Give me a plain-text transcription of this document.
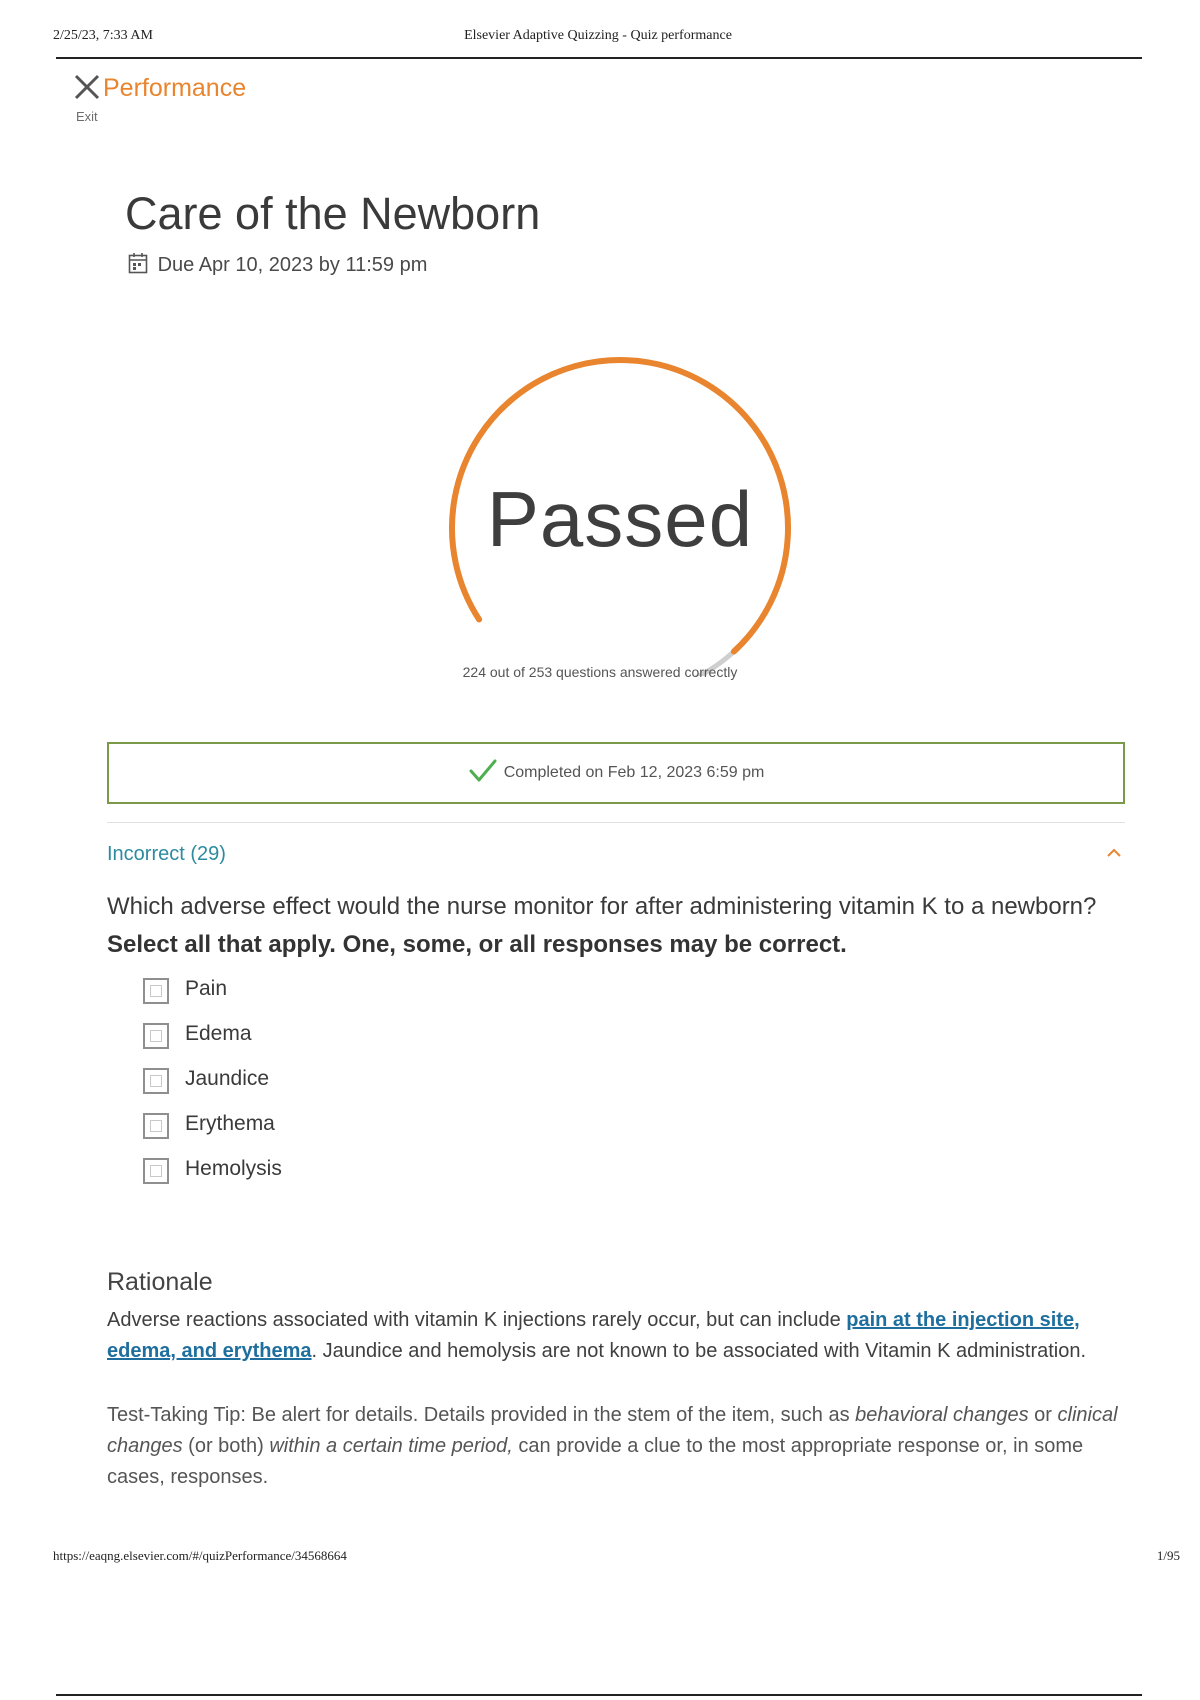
2/25/23, 7:33 AM	Elsevier Adaptive Quizzing - Quiz performance
Exit
Performance
Care of the Newborn
Due Apr 10, 2023 by 11:59 pm
Passed
224 out of 253 questions answered correctly
Completed on Feb 12, 2023 6:59 pm
Incorrect (29)
Which adverse effect would the nurse monitor for after administering vitamin K to a newborn? Select all that apply. One, some, or all responses may be correct.
Pain
Edema
Jaundice
Erythema
Hemolysis
Rationale
Adverse reactions associated with vitamin K injections rarely occur, but can include pain at the injection site, edema, and erythema. Jaundice and hemolysis are not known to be associated with Vitamin K administration.
Test-Taking Tip: Be alert for details. Details provided in the stem of the item, such as behavioral changes or clinical changes (or both) within a certain time period, can provide a clue to the most appropriate response or, in some cases, responses.
https://eaqng.elsevier.com/#/quizPerformance/34568664	1/95
